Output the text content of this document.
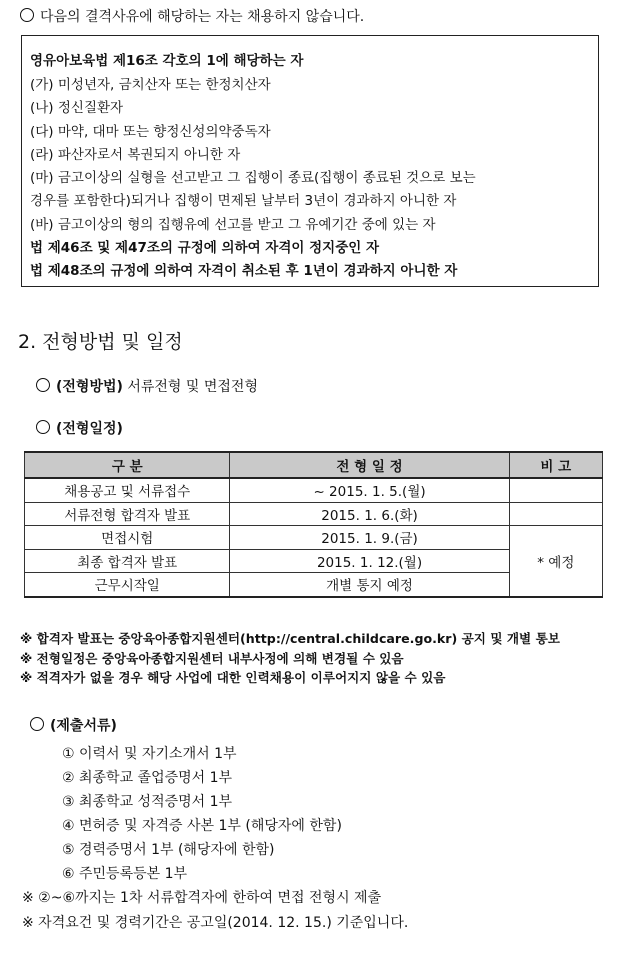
다음의 결격사유에 해당하는 자는 채용하지 않습니다.
영유아보육법 제16조 각호의 1에 해당하는 자
(가) 미성년자, 금치산자 또는 한정치산자
(나) 정신질환자
(다) 마약, 대마 또는 향정신성의약중독자
(라) 파산자로서 복권되지 아니한 자
(마) 금고이상의 실형을 선고받고 그 집행이 종료(집행이 종료된 것으로 보는
경우를 포함한다)되거나 집행이 면제된 날부터 3년이 경과하지 아니한 자
(바) 금고이상의 형의 집행유예 선고를 받고 그 유예기간 중에 있는 자
법 제46조 및 제47조의 규정에 의하여 자격이 정지중인 자
법 제48조의 규정에 의하여 자격이 취소된 후 1년이 경과하지 아니한 자
2. 전형방법 및 일정
(전형방법) 서류전형 및 면접전형
(전형일정)
구 분	전 형 일 정	비 고
채용공고 및 서류접수	~ 2015. 1. 5.(월)	
서류전형 합격자 발표	2015. 1. 6.(화)	
면접시험	2015. 1. 9.(금)	* 예정
최종 합격자 발표	2015. 1. 12.(월)	
근무시작일	개별 통지 예정	
※ 합격자 발표는 중앙육아종합지원센터(http://central.childcare.go.kr) 공지 및 개별 통보
※ 전형일정은 중앙육아종합지원센터 내부사정에 의해 변경될 수 있음
※ 적격자가 없을 경우 해당 사업에 대한 인력채용이 이루어지지 않을 수 있음
(제출서류)
① 이력서 및 자기소개서 1부
② 최종학교 졸업증명서 1부
③ 최종학교 성적증명서 1부
④ 면허증 및 자격증 사본 1부 (해당자에 한함)
⑤ 경력증명서 1부 (해당자에 한함)
⑥ 주민등록등본 1부
※ ②~⑥까지는 1차 서류합격자에 한하여 면접 전형시 제출
※ 자격요건 및 경력기간은 공고일(2014. 12. 15.) 기준입니다.
